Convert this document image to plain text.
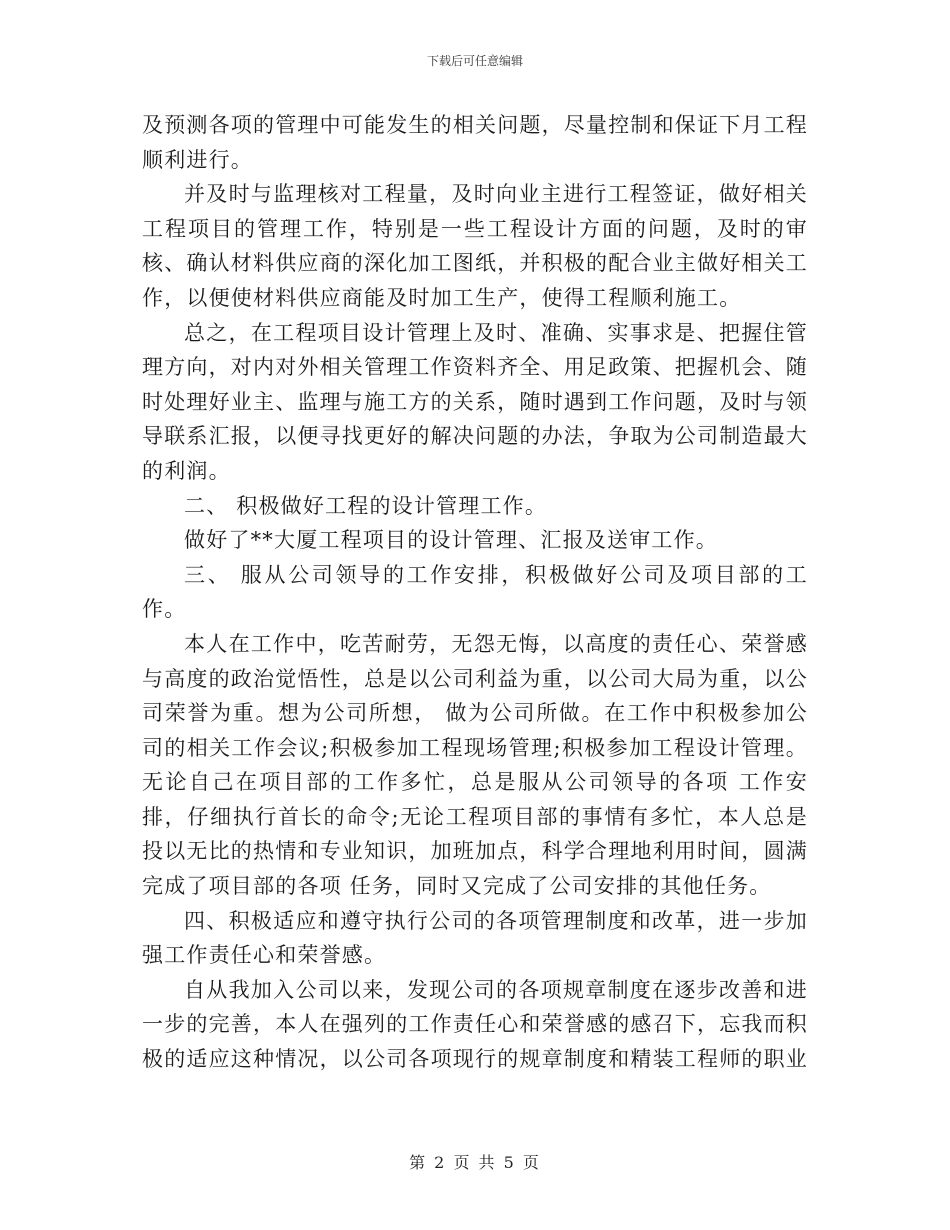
下载后可任意编辑

及预测各项的管理中可能发生的相关问题，尽量控制和保证下月工程顺利进行。

并及时与监理核对工程量，及时向业主进行工程签证，做好相关工程项目的管理工作，特别是一些工程设计方面的问题，及时的审核、确认材料供应商的深化加工图纸，并积极的配合业主做好相关工作，以便使材料供应商能及时加工生产，使得工程顺利施工。

总之，在工程项目设计管理上及时、准确、实事求是、把握住管理方向，对内对外相关管理工作资料齐全、用足政策、把握机会、随时处理好业主、监理与施工方的关系，随时遇到工作问题，及时与领导联系汇报，以便寻找更好的解决问题的办法，争取为公司制造最大的利润。

二、 积极做好工程的设计管理工作。

做好了**大厦工程项目的设计管理、汇报及送审工作。

三、 服从公司领导的工作安排，积极做好公司及项目部的工作。

本人在工作中，吃苦耐劳，无怨无悔，以高度的责任心、荣誉感与高度的政治觉悟性，总是以公司利益为重，以公司大局为重，以公司荣誉为重。想为公司所想， 做为公司所做。在工作中积极参加公司的相关工作会议;积极参加工程现场管理;积极参加工程设计管理。无论自己在项目部的工作多忙，总是服从公司领导的各项 工作安排，仔细执行首长的命令;无论工程项目部的事情有多忙，本人总是投以无比的热情和专业知识，加班加点，科学合理地利用时间，圆满完成了项目部的各项 任务，同时又完成了公司安排的其他任务。

四、积极适应和遵守执行公司的各项管理制度和改革，进一步加强工作责任心和荣誉感。

自从我加入公司以来，发现公司的各项规章制度在逐步改善和进一步的完善，本人在强列的工作责任心和荣誉感的感召下，忘我而积极的适应这种情况，以公司各项现行的规章制度和精装工程师的职业

第 2 页 共 5 页
